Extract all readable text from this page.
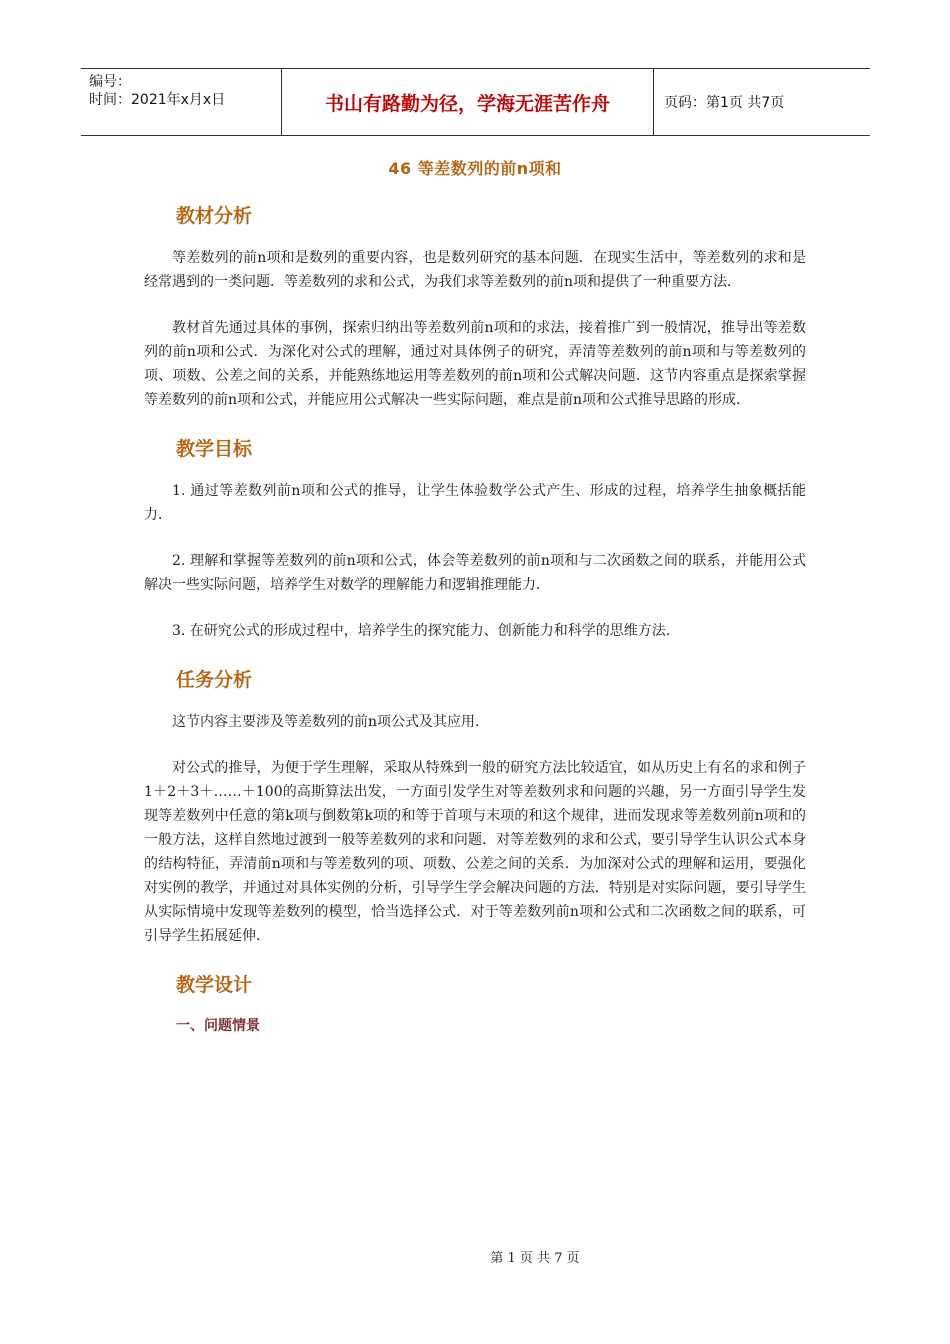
编号：
时间：2021年x月x日	书山有路勤为径，学海无涯苦作舟	页码：第1页 共7页
46 等差数列的前n项和
教材分析

等差数列的前n项和是数列的重要内容，也是数列研究的基本问题．在现实生活中，等差数列的求和是经常遇到的一类问题．等差数列的求和公式，为我们求等差数列的前n项和提供了一种重要方法．

教材首先通过具体的事例，探索归纳出等差数列前n项和的求法，接着推广到一般情况，推导出等差数列的前n项和公式．为深化对公式的理解，通过对具体例子的研究，弄清等差数列的前n项和与等差数列的项、项数、公差之间的关系，并能熟练地运用等差数列的前n项和公式解决问题．这节内容重点是探索掌握等差数列的前n项和公式，并能应用公式解决一些实际问题，难点是前n项和公式推导思路的形成．

教学目标

1. 通过等差数列前n项和公式的推导，让学生体验数学公式产生、形成的过程，培养学生抽象概括能力．

2. 理解和掌握等差数列的前n项和公式，体会等差数列的前n项和与二次函数之间的联系，并能用公式解决一些实际问题，培养学生对数学的理解能力和逻辑推理能力．

3. 在研究公式的形成过程中，培养学生的探究能力、创新能力和科学的思维方法．

任务分析

这节内容主要涉及等差数列的前n项公式及其应用．

对公式的推导，为便于学生理解，采取从特殊到一般的研究方法比较适宜，如从历史上有名的求和例子1＋2＋3＋……＋100的高斯算法出发，一方面引发学生对等差数列求和问题的兴趣，另一方面引导学生发现等差数列中任意的第k项与倒数第k项的和等于首项与末项的和这个规律，进而发现求等差数列前n项和的一般方法，这样自然地过渡到一般等差数列的求和问题．对等差数列的求和公式，要引导学生认识公式本身的结构特征，弄清前n项和与等差数列的项、项数、公差之间的关系．为加深对公式的理解和运用，要强化对实例的教学，并通过对具体实例的分析，引导学生学会解决问题的方法．特别是对实际问题，要引导学生从实际情境中发现等差数列的模型，恰当选择公式．对于等差数列前n项和公式和二次函数之间的联系，可引导学生拓展延伸．

教学设计
一、问题情景
第 1 页 共 7 页
